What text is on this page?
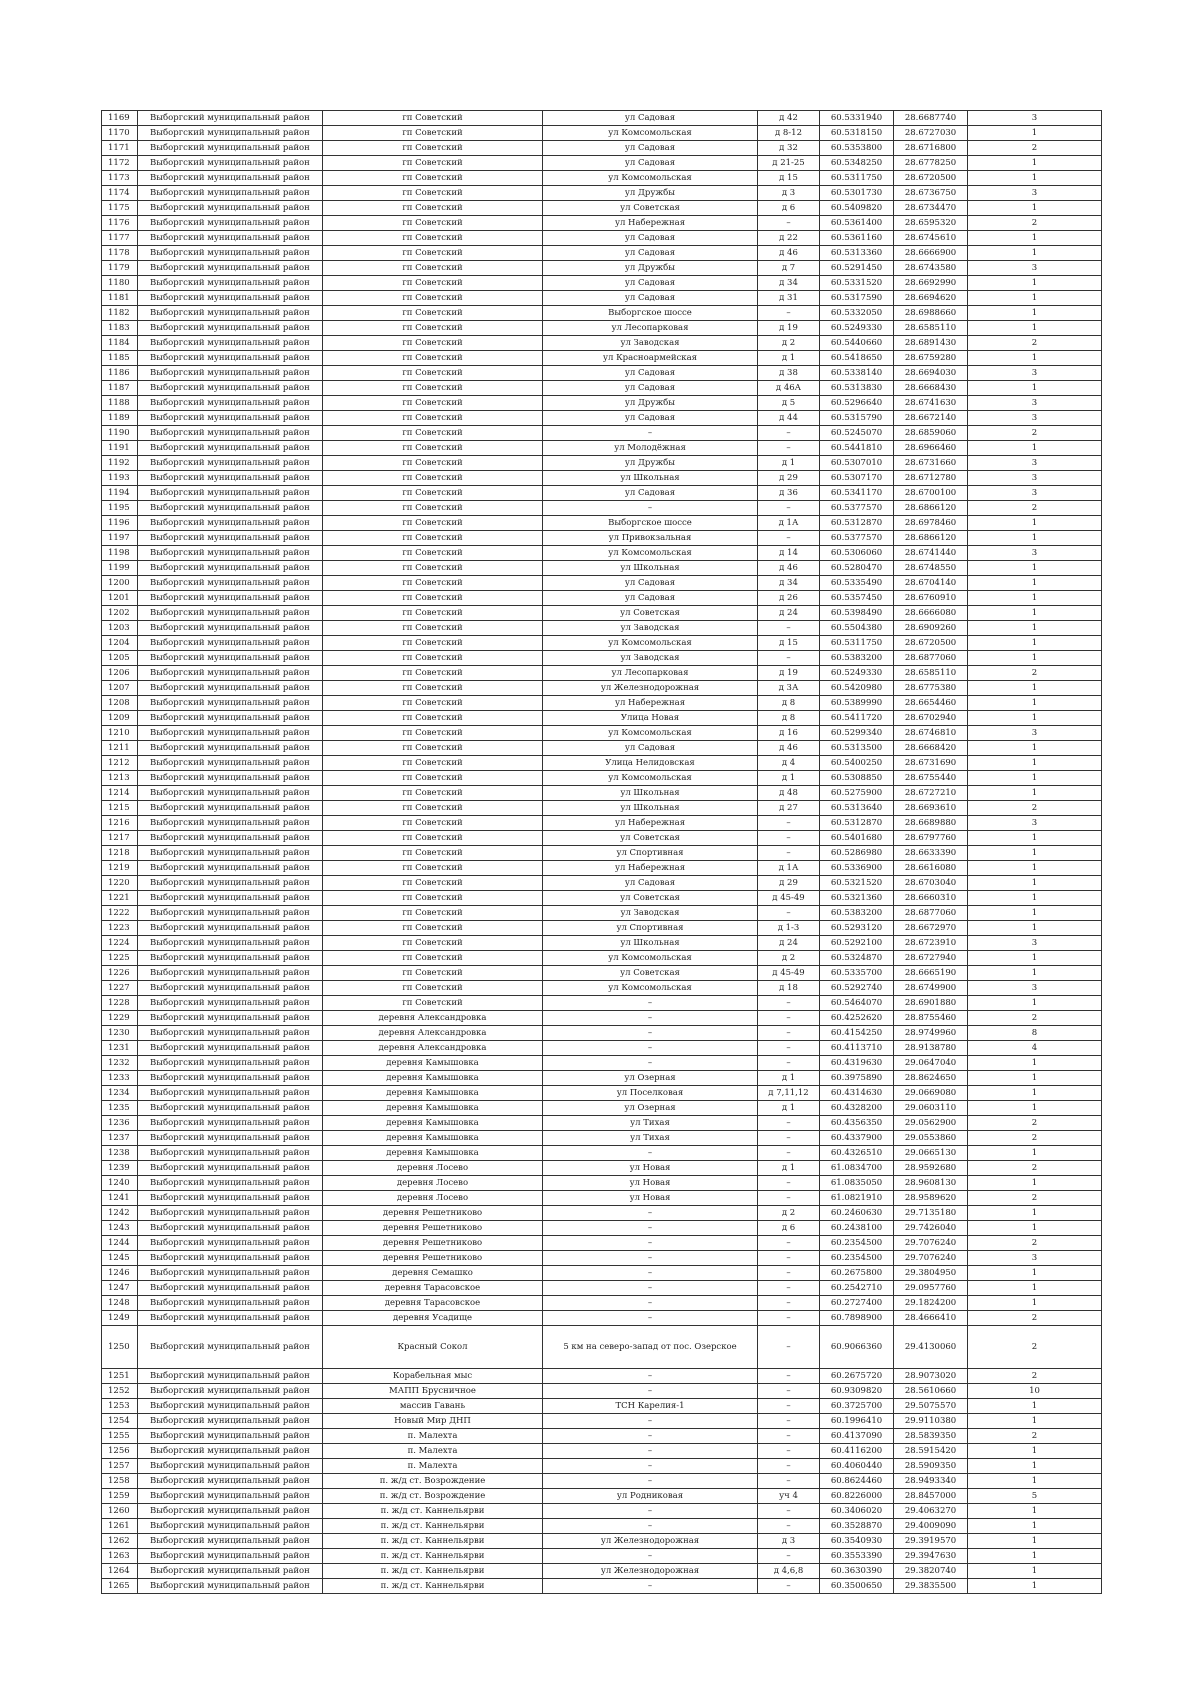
1169	Выборгский муниципальный район	гп Советский	ул Садовая	д 42	60.5331940	28.6687740	3
1170	Выборгский муниципальный район	гп Советский	ул Комсомольская	д 8-12	60.5318150	28.6727030	1
1171	Выборгский муниципальный район	гп Советский	ул Садовая	д 32	60.5353800	28.6716800	2
1172	Выборгский муниципальный район	гп Советский	ул Садовая	д 21-25	60.5348250	28.6778250	1
1173	Выборгский муниципальный район	гп Советский	ул Комсомольская	д 15	60.5311750	28.6720500	1
1174	Выборгский муниципальный район	гп Советский	ул Дружбы	д 3	60.5301730	28.6736750	3
1175	Выборгский муниципальный район	гп Советский	ул Советская	д 6	60.5409820	28.6734470	1
1176	Выборгский муниципальный район	гп Советский	ул Набережная	–	60.5361400	28.6595320	2
1177	Выборгский муниципальный район	гп Советский	ул Садовая	д 22	60.5361160	28.6745610	1
1178	Выборгский муниципальный район	гп Советский	ул Садовая	д 46	60.5313360	28.6666900	1
1179	Выборгский муниципальный район	гп Советский	ул Дружбы	д 7	60.5291450	28.6743580	3
1180	Выборгский муниципальный район	гп Советский	ул Садовая	д 34	60.5331520	28.6692990	1
1181	Выборгский муниципальный район	гп Советский	ул Садовая	д 31	60.5317590	28.6694620	1
1182	Выборгский муниципальный район	гп Советский	Выборгское шоссе	–	60.5332050	28.6988660	1
1183	Выборгский муниципальный район	гп Советский	ул Лесопарковая	д 19	60.5249330	28.6585110	1
1184	Выборгский муниципальный район	гп Советский	ул Заводская	д 2	60.5440660	28.6891430	2
1185	Выборгский муниципальный район	гп Советский	ул Красноармейская	д 1	60.5418650	28.6759280	1
1186	Выборгский муниципальный район	гп Советский	ул Садовая	д 38	60.5338140	28.6694030	3
1187	Выборгский муниципальный район	гп Советский	ул Садовая	д 46А	60.5313830	28.6668430	1
1188	Выборгский муниципальный район	гп Советский	ул Дружбы	д 5	60.5296640	28.6741630	3
1189	Выборгский муниципальный район	гп Советский	ул Садовая	д 44	60.5315790	28.6672140	3
1190	Выборгский муниципальный район	гп Советский	–	–	60.5245070	28.6859060	2
1191	Выборгский муниципальный район	гп Советский	ул Молодёжная	–	60.5441810	28.6966460	1
1192	Выборгский муниципальный район	гп Советский	ул Дружбы	д 1	60.5307010	28.6731660	3
1193	Выборгский муниципальный район	гп Советский	ул Школьная	д 29	60.5307170	28.6712780	3
1194	Выборгский муниципальный район	гп Советский	ул Садовая	д 36	60.5341170	28.6700100	3
1195	Выборгский муниципальный район	гп Советский	–	–	60.5377570	28.6866120	2
1196	Выборгский муниципальный район	гп Советский	Выборгское шоссе	д 1А	60.5312870	28.6978460	1
1197	Выборгский муниципальный район	гп Советский	ул Привокзальная	–	60.5377570	28.6866120	1
1198	Выборгский муниципальный район	гп Советский	ул Комсомольская	д 14	60.5306060	28.6741440	3
1199	Выборгский муниципальный район	гп Советский	ул Школьная	д 46	60.5280470	28.6748550	1
1200	Выборгский муниципальный район	гп Советский	ул Садовая	д 34	60.5335490	28.6704140	1
1201	Выборгский муниципальный район	гп Советский	ул Садовая	д 26	60.5357450	28.6760910	1
1202	Выборгский муниципальный район	гп Советский	ул Советская	д 24	60.5398490	28.6666080	1
1203	Выборгский муниципальный район	гп Советский	ул Заводская	–	60.5504380	28.6909260	1
1204	Выборгский муниципальный район	гп Советский	ул Комсомольская	д 15	60.5311750	28.6720500	1
1205	Выборгский муниципальный район	гп Советский	ул Заводская	–	60.5383200	28.6877060	1
1206	Выборгский муниципальный район	гп Советский	ул Лесопарковая	д 19	60.5249330	28.6585110	2
1207	Выборгский муниципальный район	гп Советский	ул Железнодорожная	д 3А	60.5420980	28.6775380	1
1208	Выборгский муниципальный район	гп Советский	ул Набережная	д 8	60.5389990	28.6654460	1
1209	Выборгский муниципальный район	гп Советский	Улица Новая	д 8	60.5411720	28.6702940	1
1210	Выборгский муниципальный район	гп Советский	ул Комсомольская	д 16	60.5299340	28.6746810	3
1211	Выборгский муниципальный район	гп Советский	ул Садовая	д 46	60.5313500	28.6668420	1
1212	Выборгский муниципальный район	гп Советский	Улица Нелидовская	д 4	60.5400250	28.6731690	1
1213	Выборгский муниципальный район	гп Советский	ул Комсомольская	д 1	60.5308850	28.6755440	1
1214	Выборгский муниципальный район	гп Советский	ул Школьная	д 48	60.5275900	28.6727210	1
1215	Выборгский муниципальный район	гп Советский	ул Школьная	д 27	60.5313640	28.6693610	2
1216	Выборгский муниципальный район	гп Советский	ул Набережная	–	60.5312870	28.6689880	3
1217	Выборгский муниципальный район	гп Советский	ул Советская	–	60.5401680	28.6797760	1
1218	Выборгский муниципальный район	гп Советский	ул Спортивная	–	60.5286980	28.6633390	1
1219	Выборгский муниципальный район	гп Советский	ул Набережная	д 1А	60.5336900	28.6616080	1
1220	Выборгский муниципальный район	гп Советский	ул Садовая	д 29	60.5321520	28.6703040	1
1221	Выборгский муниципальный район	гп Советский	ул Советская	д 45-49	60.5321360	28.6660310	1
1222	Выборгский муниципальный район	гп Советский	ул Заводская	–	60.5383200	28.6877060	1
1223	Выборгский муниципальный район	гп Советский	ул Спортивная	д 1-3	60.5293120	28.6672970	1
1224	Выборгский муниципальный район	гп Советский	ул Школьная	д 24	60.5292100	28.6723910	3
1225	Выборгский муниципальный район	гп Советский	ул Комсомольская	д 2	60.5324870	28.6727940	1
1226	Выборгский муниципальный район	гп Советский	ул Советская	д 45-49	60.5335700	28.6665190	1
1227	Выборгский муниципальный район	гп Советский	ул Комсомольская	д 18	60.5292740	28.6749900	3
1228	Выборгский муниципальный район	гп Советский	–	–	60.5464070	28.6901880	1
1229	Выборгский муниципальный район	деревня Александровка	–	–	60.4252620	28.8755460	2
1230	Выборгский муниципальный район	деревня Александровка	–	–	60.4154250	28.9749960	8
1231	Выборгский муниципальный район	деревня Александровка	–	–	60.4113710	28.9138780	4
1232	Выборгский муниципальный район	деревня Камышовка	–	–	60.4319630	29.0647040	1
1233	Выборгский муниципальный район	деревня Камышовка	ул Озерная	д 1	60.3975890	28.8624650	1
1234	Выборгский муниципальный район	деревня Камышовка	ул Поселковая	д 7,11,12	60.4314630	29.0669080	1
1235	Выборгский муниципальный район	деревня Камышовка	ул Озерная	д 1	60.4328200	29.0603110	1
1236	Выборгский муниципальный район	деревня Камышовка	ул Тихая	–	60.4356350	29.0562900	2
1237	Выборгский муниципальный район	деревня Камышовка	ул Тихая	–	60.4337900	29.0553860	2
1238	Выборгский муниципальный район	деревня Камышовка	–	–	60.4326510	29.0665130	1
1239	Выборгский муниципальный район	деревня Лосево	ул Новая	д 1	61.0834700	28.9592680	2
1240	Выборгский муниципальный район	деревня Лосево	ул Новая	–	61.0835050	28.9608130	1
1241	Выборгский муниципальный район	деревня Лосево	ул Новая	–	61.0821910	28.9589620	2
1242	Выборгский муниципальный район	деревня Решетниково	–	д 2	60.2460630	29.7135180	1
1243	Выборгский муниципальный район	деревня Решетниково	–	д 6	60.2438100	29.7426040	1
1244	Выборгский муниципальный район	деревня Решетниково	–	–	60.2354500	29.7076240	2
1245	Выборгский муниципальный район	деревня Решетниково	–	–	60.2354500	29.7076240	3
1246	Выборгский муниципальный район	деревня Семашко	–	–	60.2675800	29.3804950	1
1247	Выборгский муниципальный район	деревня Тарасовское	–	–	60.2542710	29.0957760	1
1248	Выборгский муниципальный район	деревня Тарасовское	–	–	60.2727400	29.1824200	1
1249	Выборгский муниципальный район	деревня Усадище	–	–	60.7898900	28.4666410	2
1250	Выборгский муниципальный район	Красный Сокол	5 км на северо-запад от пос. Озерское	–	60.9066360	29.4130060	2
1251	Выборгский муниципальный район	Корабельная мыс	–	–	60.2675720	28.9073020	2
1252	Выборгский муниципальный район	МАПП Брусничное	–	–	60.9309820	28.5610660	10
1253	Выборгский муниципальный район	массив Гавань	ТСН Карелия-1	–	60.3725700	29.5075570	1
1254	Выборгский муниципальный район	Новый Мир ДНП	–	–	60.1996410	29.9110380	1
1255	Выборгский муниципальный район	п. Малехта	–	–	60.4137090	28.5839350	2
1256	Выборгский муниципальный район	п. Малехта	–	–	60.4116200	28.5915420	1
1257	Выборгский муниципальный район	п. Малехта	–	–	60.4060440	28.5909350	1
1258	Выборгский муниципальный район	п. ж/д ст. Возрождение	–	–	60.8624460	28.9493340	1
1259	Выборгский муниципальный район	п. ж/д ст. Возрождение	ул Родниковая	уч 4	60.8226000	28.8457000	5
1260	Выборгский муниципальный район	п. ж/д ст. Каннельярви	–	–	60.3406020	29.4063270	1
1261	Выборгский муниципальный район	п. ж/д ст. Каннельярви	–	–	60.3528870	29.4009090	1
1262	Выборгский муниципальный район	п. ж/д ст. Каннельярви	ул Железнодорожная	д 3	60.3540930	29.3919570	1
1263	Выборгский муниципальный район	п. ж/д ст. Каннельярви	–	–	60.3553390	29.3947630	1
1264	Выборгский муниципальный район	п. ж/д ст. Каннельярви	ул Железнодорожная	д 4,6,8	60.3630390	29.3820740	1
1265	Выборгский муниципальный район	п. ж/д ст. Каннельярви	–	–	60.3500650	29.3835500	1
